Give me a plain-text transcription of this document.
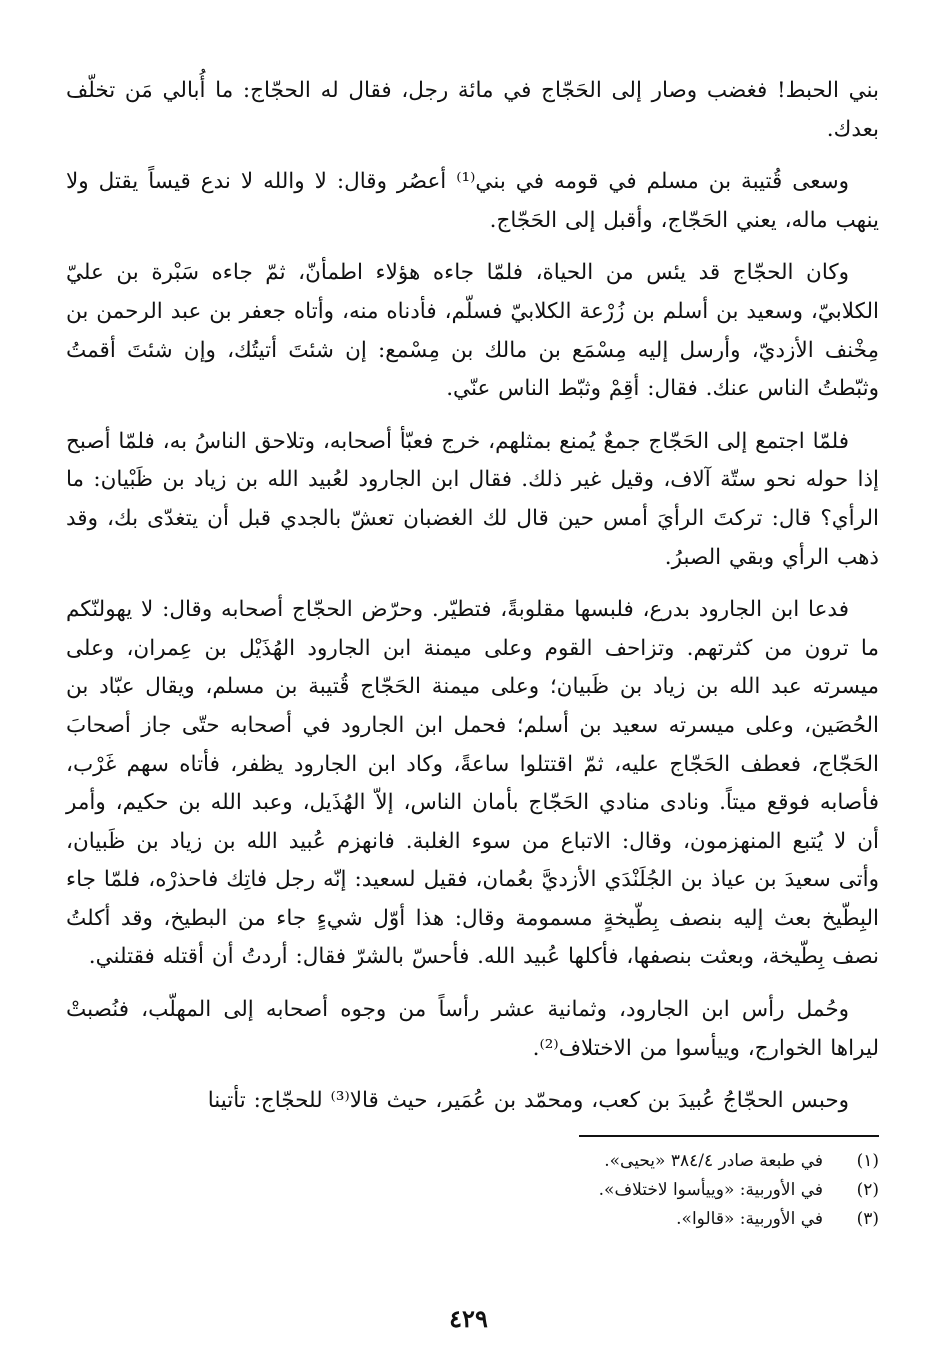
بني الحبط! فغضب وصار إلى الحَجّاج في مائة رجل، فقال له الحجّاج: ما أُبالي مَن تخلّف بعدك.

وسعى قُتيبة بن مسلم في قومه في بني⁽¹⁾ أعصُر وقال: لا والله لا ندع قيساً يقتل ولا ينهب ماله، يعني الحَجّاج، وأقبل إلى الحَجّاج.

وكان الحجّاج قد يئس من الحياة، فلمّا جاءه هؤلاء اطمأنّ، ثمّ جاءه سَبْرة بن عليّ الكلابيّ، وسعيد بن أسلم بن زُرْعة الكلابيّ فسلّم، فأدناه منه، وأتاه جعفر بن عبد الرحمن بن مِخْنف الأزديّ، وأرسل إليه مِسْمَع بن مالك بن مِسْمع: إن شئتَ أتيتُك، وإن شئتَ أقمتُ وثبّطتُ الناس عنك. فقال: أقِمْ وثبّط الناس عنّي.

فلمّا اجتمع إلى الحَجّاج جمعٌ يُمنع بمثلهم، خرج فعبّأ أصحابه، وتلاحق الناسُ به، فلمّا أصبح إذا حوله نحو ستّة آلاف، وقيل غير ذلك. فقال ابن الجارود لعُبيد الله بن زياد بن ظَبْيان: ما الرأي؟ قال: تركتَ الرأيَ أمس حين قال لك الغضبان تعشّ بالجدي قبل أن يتغدّى بك، وقد ذهب الرأي وبقي الصبرُ.

فدعا ابن الجارود بدرع، فلبسها مقلوبةً، فتطيّر. وحرّض الحجّاج أصحابه وقال: لا يهولنّكم ما ترون من كثرتهم. وتزاحف القوم وعلى ميمنة ابن الجارود الهُذَيْل بن عِمران، وعلى ميسرته عبد الله بن زياد بن ظَبيان؛ وعلى ميمنة الحَجّاج قُتيبة بن مسلم، ويقال عبّاد بن الحُصَين، وعلى ميسرته سعيد بن أسلم؛ فحمل ابن الجارود في أصحابه حتّى جاز أصحابَ الحَجّاج، فعطف الحَجّاج عليه، ثمّ اقتتلوا ساعةً، وكاد ابن الجارود يظفر، فأتاه سهم غَرْب، فأصابه فوقع ميتاً. ونادى منادي الحَجّاج بأمان الناس، إلاّ الهُذَيل، وعبد الله بن حكيم، وأمر أن لا يُتبع المنهزمون، وقال: الاتباع من سوء الغلبة. فانهزم عُبيد الله بن زياد بن ظَبيان، وأتى سعيدَ بن عياذ بن الجُلَنْدَي الأزديَّ بعُمان، فقيل لسعيد: إنّه رجل فاتِك فاحذرْه، فلمّا جاء البِطّيخ بعث إليه بنصف بِطّيخةٍ مسمومة وقال: هذا أوّل شيءٍ جاء من البطيخ، وقد أكلتُ نصف بِطّيخة، وبعثت بنصفها، فأكلها عُبيد الله. فأحسّ بالشرّ فقال: أردتُ أن أقتله فقتلني.

وحُمل رأس ابن الجارود، وثمانية عشر رأساً من وجوه أصحابه إلى المهلّب، فنُصبتْ ليراها الخوارج، وييأسوا من الاختلاف⁽²⁾.

وحبس الحجّاجُ عُبيدَ بن كعب، ومحمّد بن عُمَير، حيث قالا⁽³⁾ للحجّاج: تأتينا

(١)
في طبعة صادر ٣٨٤/٤ «يحيى».
(٢)
في الأوربية: «وييأسوا لاختلاف».
(٣)
في الأوربية: «قالوا».
٤٢٩
